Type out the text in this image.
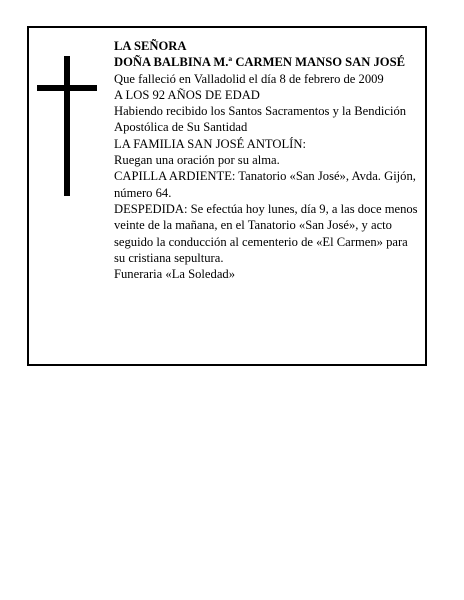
LA SEÑORA

DOÑA BALBINA M.ª CARMEN MANSO SAN JOSÉ

Que falleció en Valladolid el día 8 de febrero de 2009

A LOS 92 AÑOS DE EDAD

Habiendo recibido los Santos Sacramentos y la Bendición Apostólica de Su Santidad

LA FAMILIA SAN JOSÉ ANTOLÍN:

Ruegan una oración por su alma.

CAPILLA ARDIENTE: Tanatorio «San José», Avda. Gijón, número 64.

DESPEDIDA: Se efectúa hoy lunes, día 9, a las doce menos veinte de la mañana, en el Tanatorio «San José», y acto seguido la conducción al cementerio de «El Carmen» para su cristiana sepultura.

Funeraria «La Soledad»
